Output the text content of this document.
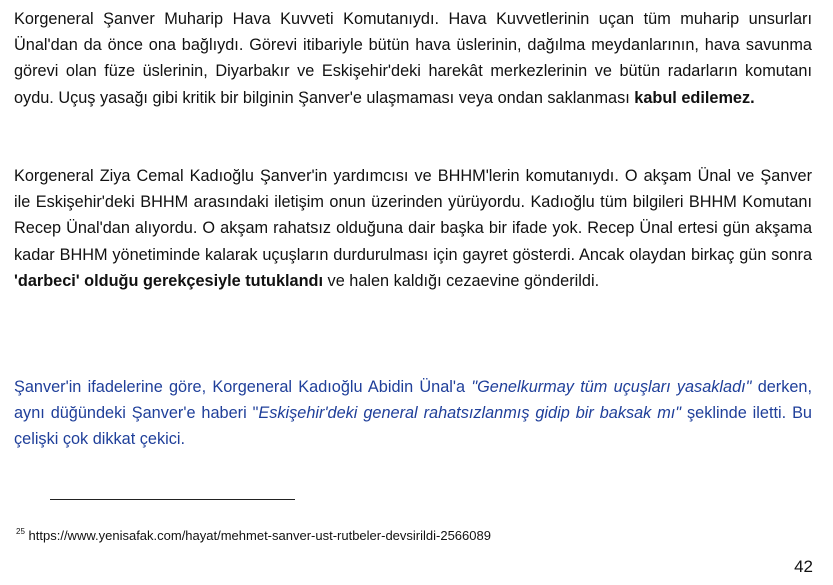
Korgeneral Şanver Muharip Hava Kuvveti Komutanıydı. Hava Kuvvetlerinin uçan tüm muharip unsurları Ünal'dan da önce ona bağlıydı. Görevi itibariyle bütün hava üslerinin, dağılma meydanlarının, hava savunma görevi olan füze üslerinin, Diyarbakır ve Eskişehir'deki harekât merkezlerinin ve bütün radarların komutanı oydu. Uçuş yasağı gibi kritik bir bilginin Şanver'e ulaşmaması veya ondan saklanması kabul edilemez.

Korgeneral Ziya Cemal Kadıoğlu Şanver'in yardımcısı ve BHHM'lerin komutanıydı. O akşam Ünal ve Şanver ile Eskişehir'deki BHHM arasındaki iletişim onun üzerinden yürüyordu. Kadıoğlu tüm bilgileri BHHM Komutanı Recep Ünal'dan alıyordu. O akşam rahatsız olduğuna dair başka bir ifade yok. Recep Ünal ertesi gün akşama kadar BHHM yönetiminde kalarak uçuşların durdurulması için gayret gösterdi. Ancak olaydan birkaç gün sonra 'darbeci' olduğu gerekçesiyle tutuklandı ve halen kaldığı cezaevine gönderildi.

Şanver'in ifadelerine göre, Korgeneral Kadıoğlu Abidin Ünal'a "Genelkurmay tüm uçuşları yasakladı" derken, aynı düğündeki Şanver'e haberi "Eskişehir'deki general rahatsızlanmış gidip bir baksak mı" şeklinde iletti. Bu çelişki çok dikkat çekici.

$^{25}$ https://www.yenisafak.com/hayat/mehmet-sanver-ust-rutbeler-devsirildi-2566089
42
